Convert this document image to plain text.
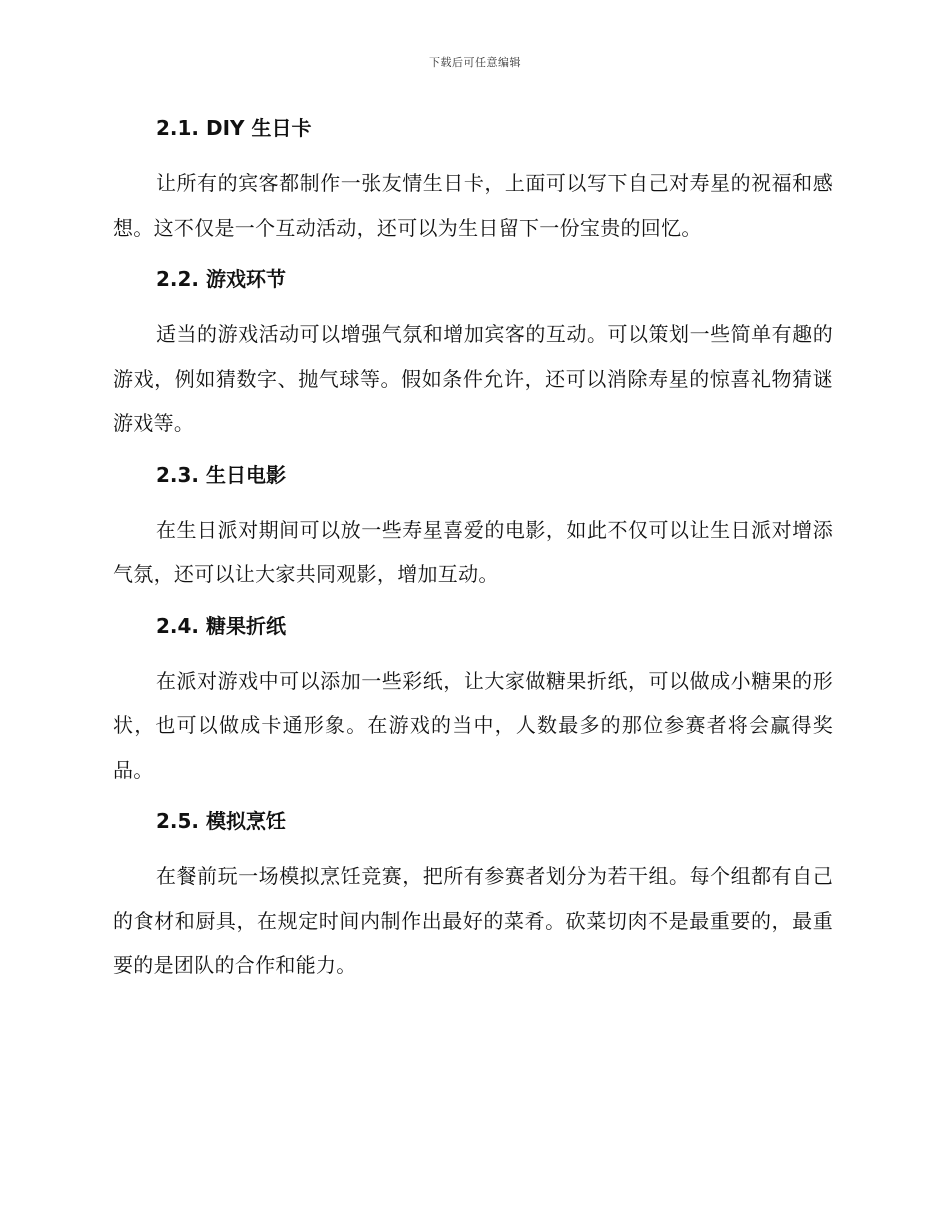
下载后可任意编辑
2.1. DIY 生日卡

让所有的宾客都制作一张友情生日卡，上面可以写下自己对寿星的祝福和感想。这不仅是一个互动活动，还可以为生日留下一份宝贵的回忆。

2.2. 游戏环节

适当的游戏活动可以增强气氛和增加宾客的互动。可以策划一些简单有趣的游戏，例如猜数字、抛气球等。假如条件允许，还可以消除寿星的惊喜礼物猜谜游戏等。

2.3. 生日电影

在生日派对期间可以放一些寿星喜爱的电影，如此不仅可以让生日派对增添气氛，还可以让大家共同观影，增加互动。

2.4. 糖果折纸

在派对游戏中可以添加一些彩纸，让大家做糖果折纸，可以做成小糖果的形状，也可以做成卡通形象。在游戏的当中，人数最多的那位参赛者将会赢得奖品。

2.5. 模拟烹饪

在餐前玩一场模拟烹饪竞赛，把所有参赛者划分为若干组。每个组都有自己的食材和厨具，在规定时间内制作出最好的菜肴。砍菜切肉不是最重要的，最重要的是团队的合作和能力。
